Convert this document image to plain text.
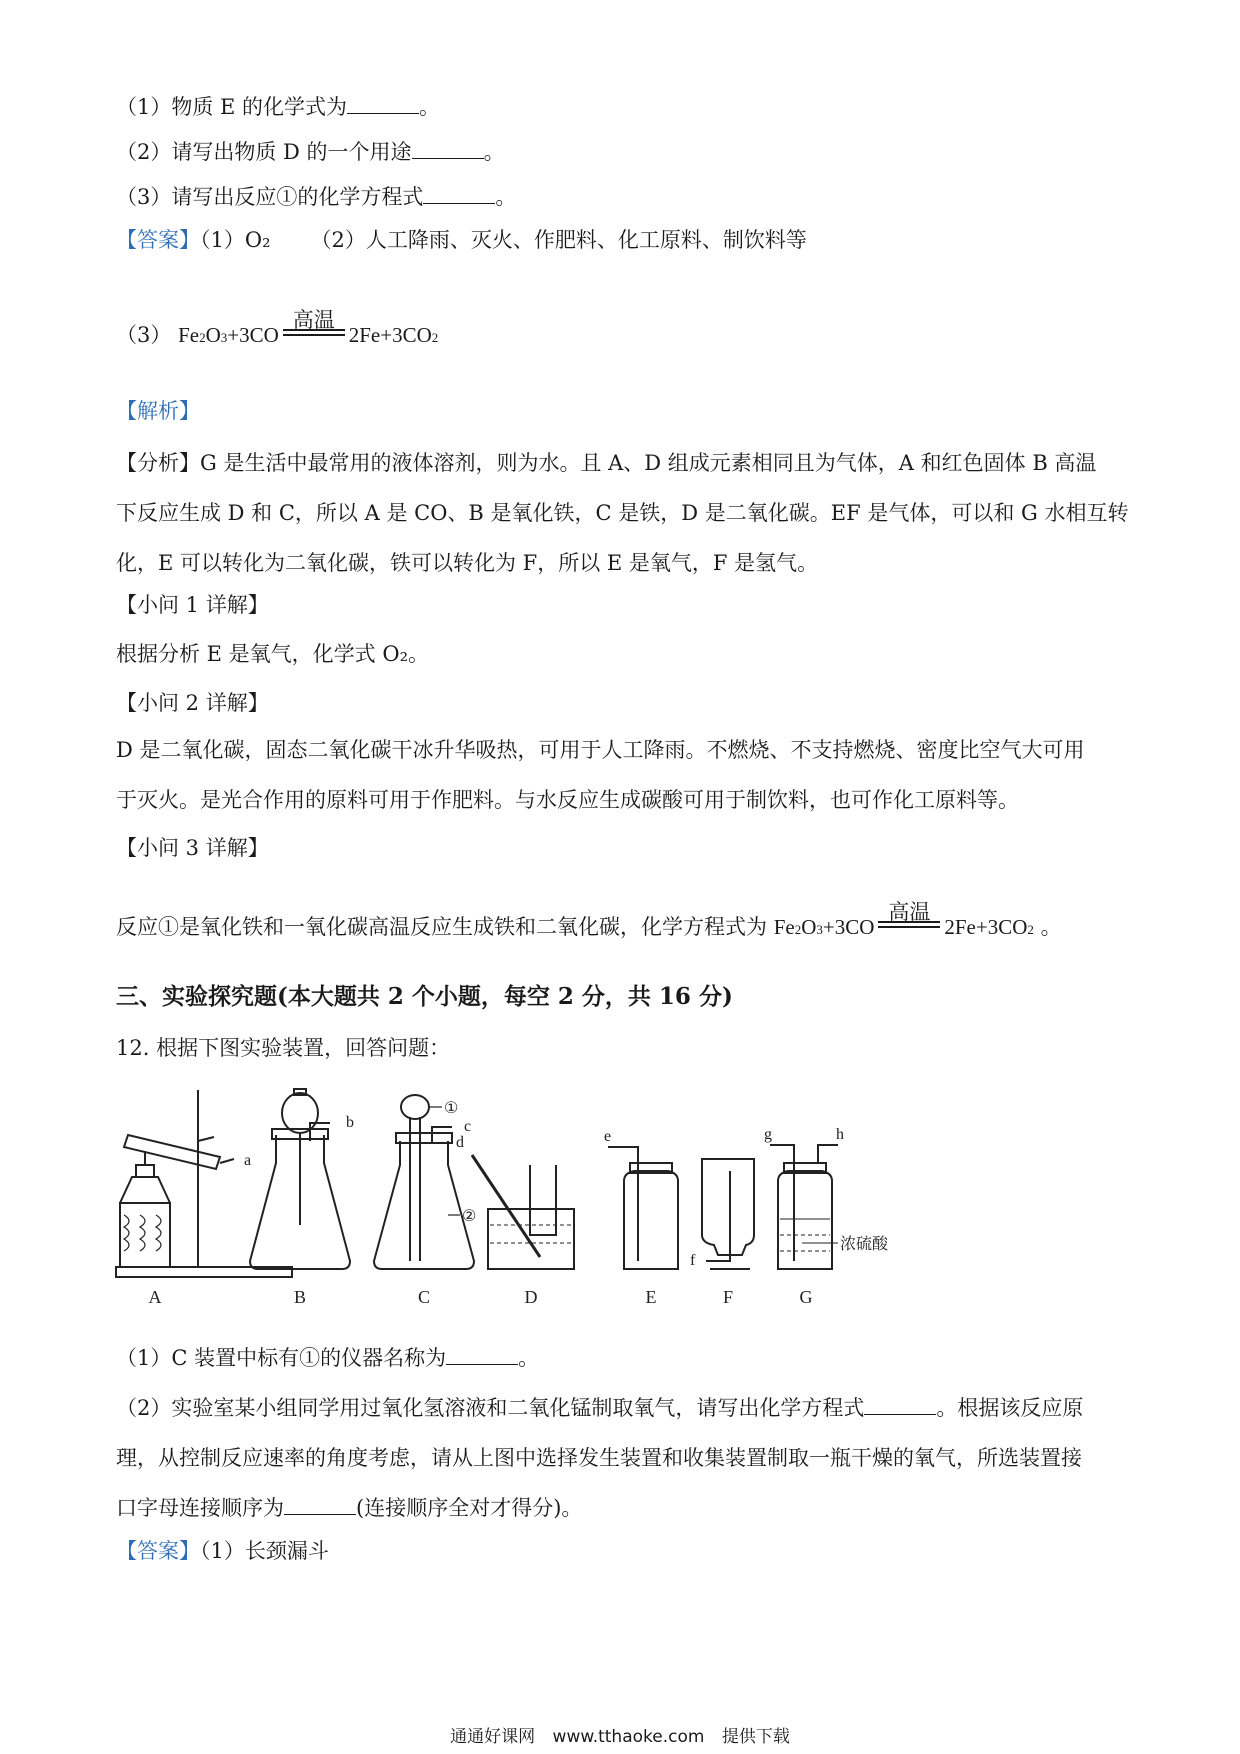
（1）物质 E 的化学式为	。
（2）请写出物质 D 的一个用途	。
（3）请写出反应①的化学方程式	。
【答案】（1）O₂ （2）人工降雨、灭火、作肥料、化工原料、制饮料等
（3） Fe 2 O 3 +3CO
高温
2Fe+3CO 2
【解析】
【分析】G 是生活中最常用的液体溶剂，则为水。且 A、D 组成元素相同且为气体，A 和红色固体 B 高温
下反应生成 D 和 C，所以 A 是 CO、B 是氧化铁，C 是铁，D 是二氧化碳。EF 是气体，可以和 G 水相互转
化，E 可以转化为二氧化碳，铁可以转化为 F，所以 E 是氧气，F 是氢气。
【小问 1 详解】
根据分析 E 是氧气，化学式 O₂。
【小问 2 详解】
D 是二氧化碳，固态二氧化碳干冰升华吸热，可用于人工降雨。不燃烧、不支持燃烧、密度比空气大可用
于灭火。是光合作用的原料可用于作肥料。与水反应生成碳酸可用于制饮料，也可作化工原料等。
【小问 3 详解】
反应①是氧化铁和一氧化碳高温反应生成铁和二氧化碳，化学方程式为 Fe 2 O 3 +3CO
高温
2Fe+3CO 2 。
三、实验探究题(本大题共 2 个小题，每空 2 分，共 16 分)
12. 根据下图实验装置，回答问题：
A	B	C	D	E	F	G
a
b	c
d	e
f
g	h
①
②
浓硫酸
（1）C 装置中标有①的仪器名称为	。
（2）实验室某小组同学用过氧化氢溶液和二氧化锰制取氧气，请写出化学方程式	。根据该反应原
理，从控制反应速率的角度考虑，请从上图中选择发生装置和收集装置制取一瓶干燥的氧气，所选装置接
口字母连接顺序为	(连接顺序全对才得分)。
【答案】（1）长颈漏斗
通通好课网 www.tthaoke.com 提供下载
